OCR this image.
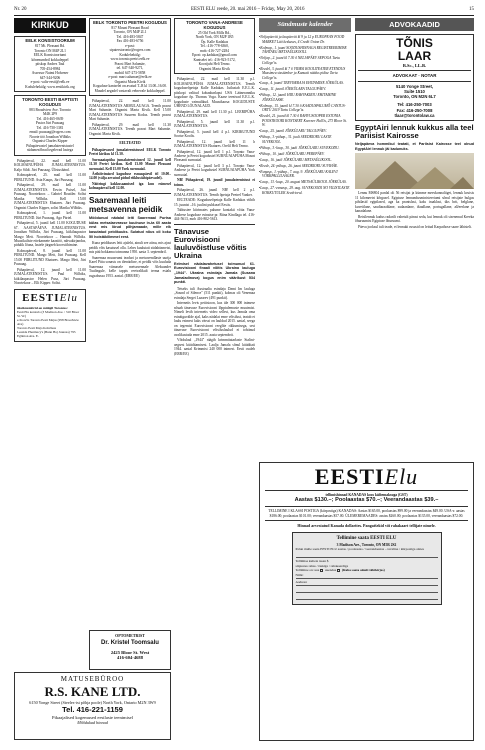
Nr. 20	EESTI ELU reede, 20. mai 2016 – Friday, May 20, 2016	15
KIRIKUD
EELK KONSISTOORIUM

817 Mt. Pleasant Rd.

Toronto ON M4P 2L1

EELK Konsistooriumi

kõnenumbril kokkuleppel

piiskop Andres Taul

705-454-8984

Assessor Naimi Holsener

647-344-9206

e-post: valis-eesti@eelk.ee

Kodulehekülg: www.eestikirik.org

TORONTO EESTI BAPTISTI KOGUDUS

883 Broadview Ave. Toronto

M4K 2P9

Tel. 416-465-0639

Pastor Jüri Puusaag

Tel. 416-750-1381

email: puusaag@rogers.com

Noorte töö Jonathan Wilbiks

Organist Charles Kipper

Pühapäevastel jumalateenistustel

südamesõbrad tegelevad lastega

Pühapäeval, 22. mail kell 11.00 KOLMAINUPÜHA JUMALATEENISTUS. Kaljo Sildt. Jüri Puusaag. Ülistusbänd.

Kolmapäeval, 25. mail kell 11.00 PIIBLITUND. Asta Kaups, Jüri Puusaag.

Pühapäeval, 29. mail kell 11.00 JUMALATEENISTUS. Erwin Puisel, Jüri Puusaag. Noortekoor. – Gabriel Bouttler. Solist Marika Wilbiks. Kell 15.00 JUMALATEENISTUS Ehatares. Jüri Puusaag. Organist Charles Kipper, solist Marika Wilbiks.

Kolmapäeval, 1. juunil kell 11.00 PIIBLITUND. Jüri Puusaag, Ago Pärtel.

Pühapäeval, 5. juunil kell 11.00 KOGUDUSE 67. AASTAPÄEVA JUMALATEENISTUS. Jonathan Wilbiks, Jüri Puusaag, kiikilaupastor Margo Mett. Noortekoor – Hannah Wilbiks. Muusikaliste ettekannete kaastöö, rahvakirjandus, pidulik lõuna, lastele järgneb koosviibimine.

Kolmapäeval, 8. juunil kell 11.00 PIIBLITUND. Margo Mett, Jüri Puusaag. Kell 15.00 PIIBLITUND Ehatares. Margo Mett, Jüri Puusaag.

Pühapäeval, 12. juunil kell 11.00 JUMALATEENISTUS. Paul Wilbiks, kiikilaupastor Helen Pusa, Jüri Puusaag. Noortekoor – Elli Kipper. Solist.

EESTIElu

üksiknumbrid on müügil Torontos:

Eesti Elu kontoris (3 Madison Ave. / 310 Bloor St. W.)

e-Store'is Toronto Eesti Majas (958 Broadview Ave)

Toronto Eesti Maja Kohvikus

Leaside Pharmacy's (Bunn Hoj Juuresa) 795 Eglinton Ave. E.

EELK TORONTO PEETRI KOGUDUS

817 Mount Pleasant Road

Toronto, ON M4P 2L1

Tel. 416-483-5847

Fax 416-483-6756

e-post:

stpaterstoronto@rogers.com

Kodulehekülg:

www.toronto.peetri.eelk.ee

Praost Mart Salumäe,

tel. 647-340-9271,

mobiil 647-273-5858

e-post: mart.salumae@eelk.ee

Organist Marta Kivik

Koguduse kantselei on avatud T–R kl 13.00–16.00.

Muudel aegadel vastavalt eelnevale kokkuleppel.

Pühapäeval, 22. mail kell 11.00 JUMALATEENISTUS ARMULAUAGA. Teenib praost Mart Salumäe. Organist Marta Kivik. Kell 15.00 JUMALATEENISTUS Suurem Kodus. Teenib praost Mart Salumäe.

Pühapäeval, 29. mail kell 11.30 JUMALATEENISTUS. Teenib praost Mart Salumäe. Organist Marta Kivik.

EELTEATED

Pühapäevased jumalateenistused EELK Toronto Peetri kirikus kl 11.30.

Surmaaiapüha jumalateenistused 12. juunil kell 11.30 Peetri kirikus. Kell 13.00 Mount Pleasant surnuaial. Kell 15.00 York surnuaial.

Ärihõivimised koguduse esmaspäevil ttl 10.00–14.00 (välja arvatud pidud riiklustähtpäevadel).

Näitringi kokkusaamised iga kuu esimesel kolmapäeval kell 12.00.

Saaremaal leiti metsavenna peidik
Möödunud nädalal leiti Saaremaal Purtsa külas metsalaevrasse kuulnuse in-ta 60 aasta eest mis lörud põhjamaade, mille elk kasutatud peidikuuks. Sulatud nõus oli koku 50 hoistäkilimmel eest.

Kuna peidikuses leiti ajaleht, ainult see aitnu, mis ajast peidik võis kasutusel olla. Lehes kuulutati südahüsmetsi, mis püü bokkama toimunna 1950. aasta 3. septembril.

Saaremaa muuseumi teaduri ja metsavendlaste uurija Karel Pitta sonasts on tõenäoline, et peidik võis kuuluda Saaremaa viimasele metsavennale Aleksander Tuulingule, kelle tappis reetvalikult terma esialu rugsabussa 1953. aastal. (ERR/EE)

TORONTO VANA-ANDRESE KOGUDUS

25 Old York Mills Rd.,

North York, ON M2P 1B5

Õp. Kalle Kadakas

Tel.: 416-778-6360,

mob.-416-727-2284

Epost: op.kadakas@gmail.com

Kantselei tel.: 416-923-5172,

Koorijuht Heli Tenno.

Organist Marta Kivik

Pühapäeval, 22. mail kell 11.30 p.l. KOLMAINUPÜHA JUMALATEENISTUS. Teenib koguduseõpetaja Kalle Kadakas. Jutlustab E.E.L.K. piiskopi valitud kobaabarlapsi USA Lääneranniku koguduse õp. Thomas Voga. Kaase teenivad E.E.L.K. koguduste vaimulikud. Muusikaosa: KOGUDUSTE ÜHEND LÕUNALAUD.

Pühapäeval, 29. mail kell 11.30 p.l. LEERIPÜHA JUMALATEENISTUS.

Pühapäeval, 5. juunil kell 11.30 p.l. JUMALATEENISTUS.

Pühapäeval, 5. juunil kell 4 p.l. KIRIKUTUND Sootse Koolis.

Pühapäeval, 12. juunil kell 11 h JUMALATEENISTUS Ehatares. Orelil Heli Tenno.

Pühapäeval, 12. juunil kell 1 p.l. Toronto Vana-Andrese ja Peetri kogudustel SURNUAIAPÜHA Mount Pleasanti surnuaial.

Pühapäeval, 12. juunil kell 3 p.l. Toronto Vana-Andrese ja Peetri kogudustel SURNUAIAPÜHA York surnuaial.

NB! Pühapäeval, 19. juunil jumalateenistust ei toimu.

Pühapäeval, 26. juunil NB! kell 2 p.l. JUMALATEENISTUS. Teenib õpetaja Peetrel Vanker.

EELTEADE: Koguduseõpetaja Kalle Kadakas viibib 15. juunist –16. juulini puhkusel Eestis.

Talitustee kiirimates palume kontakti võtta Vana-Andrese koguduse esinaise pr. Riina Kindlaga tel. 416-444-5613, mob 416-802-5613.

Tänavuse Eurovisiooni lauluvõistluse võitis Ukraina
Eelmisel nädalavahetusel toimunud 61. Eurovisiooni finaali võitis Ukraina lauluga „1944". Ukraina esindaja Jamala (Susana Jamaladinova) kogus enim väärikust 534 punkti.

Teiseks tuli Austraalia esindaja Dami Im lauluga „Sound of Silence" (511 punkti), kolmas oli Venemaa esindaja Sergei Lazarev (491 punkti).

Internetis levis petitsioon, kus üle 300 000 inimese nõuab tänavuse Eurovisiooni lõpptulemuste muutmist. Nimelt levib internetis video sellest, kus Jamala oma esinäiguvälde ajal, kaks nädalat enne võistlust, teatab et laulu esimest kaks värssi on lauldud 2015. aastal, seega on tegemist Eurovisiooni reeglite rikkumisega, sest tänavuse Eurovisiooni võistluslaulud ei tohtinud avalikustada enne 2015. aasta septembrit.

Võidulaul „1944" räägib krimmitatarlaste Stalini-aegsest küüditamisest. Laulja Jamala sõnul küüditati 1944. aastal Krimmist 240 000 inimest. Eesti osaleb (ERR/EE)

Sündmuste kalender

• Neljapäeviti ja laupäeviti kl 9 ja 12 p EUROPEAN FOOD MARKET Läti keskuses, 4 Credit Union Dr.

• Kolmap., 1. juuni SOODUSHINNAGA REGISTREERIMISE TÄHTAEG METSAÜLIKOOLI.

• Neljap., 2. juuni kl 7.30 õ NELJAPÄEV SEPOGA Tartu College'is.

• Reedel, 3. juunil kl 7 õ VIIMSI KOOLITEATER ETENDUS Mussimeu sissiümber ja Kanuati näidus pidise Tartu College'is.

• Laup., 4. juunil TERVISERAJA EHITAMINE JÕEKÜLAS.

• Laup., 11. juunil JÕEKÜLARA TALGUPÄEV.

• Pühap., 12. juunil HIIU RAHVAKIRJU EHITAMINE JÕEKÜLASSE.

• Kolmap., 15. juunil kl 7.30 õ KAADUSPALUMÕ CANTUS-ORTU 2019 Tartu College'is.

• Reedel, 21. juunil kl 7.30 õ RAHVUSOOPER ESTONIA POOSTKOORI KONTSERT Koerner Hall'is, 273 Bloor St. W.

• Laup., 25. juunil JÕEKÜLARU TALGUPÄEV.

• Pühap., 3.-pühap., 31. juuli SEEDRIORU LASTE SUVEKOOL.

• Pühap., 3.-laup., 30. juuli JÕEKÜLAIIU SUVEKODU.

• Pühap., 10. juuli JÕEKÜLARU PEREPÄEV.

• Laup., 16. juuli JÕEKÜLARU METSAÜLIKOOL.

• Reede, 24.-pühap., 26. juuni SEEDRIORU SUVIHÄE.

• Esmasp., 1.-pühap., 7. aug. 9. JÕEKÜLARU KALEVI VÕRKPALLILAAGER.

• Laup., 13.-laup., 20. august METSAÜLIKOOL JÕEKÜLAS.

• Laup., 27.-esmasp., 29. aug. SUVEKOODI NO VILISTLASTE KOKKUTULEK Seedrioral.

EESTIElu

tellimishinnad KANADAS koos käibemaksuga (GST)

Aastas $130.–; Poolaastas $70.–; Veerandaastas $39.–

TELLIMINE I KLASSI POSTIGA (kiirpostiga) KANADAS: Aastas $165.00, poolaastas $99.00 ja veerandaastas $49.00. USA-s: aastas $186.00; poolaastas $101.00; veerandaastas $57.00. ÜLEMEREMAADES: aastas $260.00; poolaastas $135.00, veerandaastas $72.00.

Hinnad arvestatud Kanada dollarites. Pangatšekid või rahakaart tellijate nimele.

Tellimine saata EESTI ELU

3 Madison Ave., Toronto, ON M5R 2S2

Palun mulle saata EESTI ELU aastas / poolaastas / veerandaastas – tavaline / kiirpostiga alates

Tellimise kulteta tasan $

sinjuures rahas / tšekiga / rahakaardiga

Tellimine on: uus uuendus (Raha saata ainult tähtkirjas)

Nimi:
Aadress:
ADVOKAADID
TÕNIS
LAAR

B.Sc., LL.B.

ADVOKAAT · NOTAR

5140 Yonge Street,

Suite 1510

Toronto, ON M2N 6L7

Tel: 416-250-7003

Fax: 416-250-7008

tlaar@torontolaw.ca

EgyptAiri lennuk kukkus alla teel Pariisist Kairosse
Neljapäeva hommikul teatati, et Pariisist Kairosse teel olnud EgyptAiri lennuk jäi kadunuks.

Lennu MS804 pardal oli 56 reisijat ja kümme meeskonnaliiget, lennuk kruisis 11 kilomeetri kõrgusel. Egiptuse lennundusministeeriumi sõnul reisijate hulgas pihtlasid egiptlased, aga ka prantslasi, kaks iraaklast, üks brit, belglane, kuveitlane, saudiaraablane, sudaanlane, tšaadlane, portugallane, alžeerlane ja kanadalane.

Reisilennuk kadus radarilt vahetult pärast seda, kui lennuk oli sisenenud Kreeka õhuruumist Egiptuse õhuruumi.

Päeva jooksul tuli teade, et lennuki rususid on leitud Karpathose saare lähistelt.

OPTOMETRIST

Dr. Kristel Toomsalu

2425 Bloor St. West

416-604-4688

MATUSEBÜROO

R.S. KANE LTD.

6150 Yonge Street (Steeles-ist põhja poole) North York, Ontario M2N 3W9

Tel. 416-221-1159

Pikaajalised kogemused eestlaste teenimisel

Mõõdukad hinnad
